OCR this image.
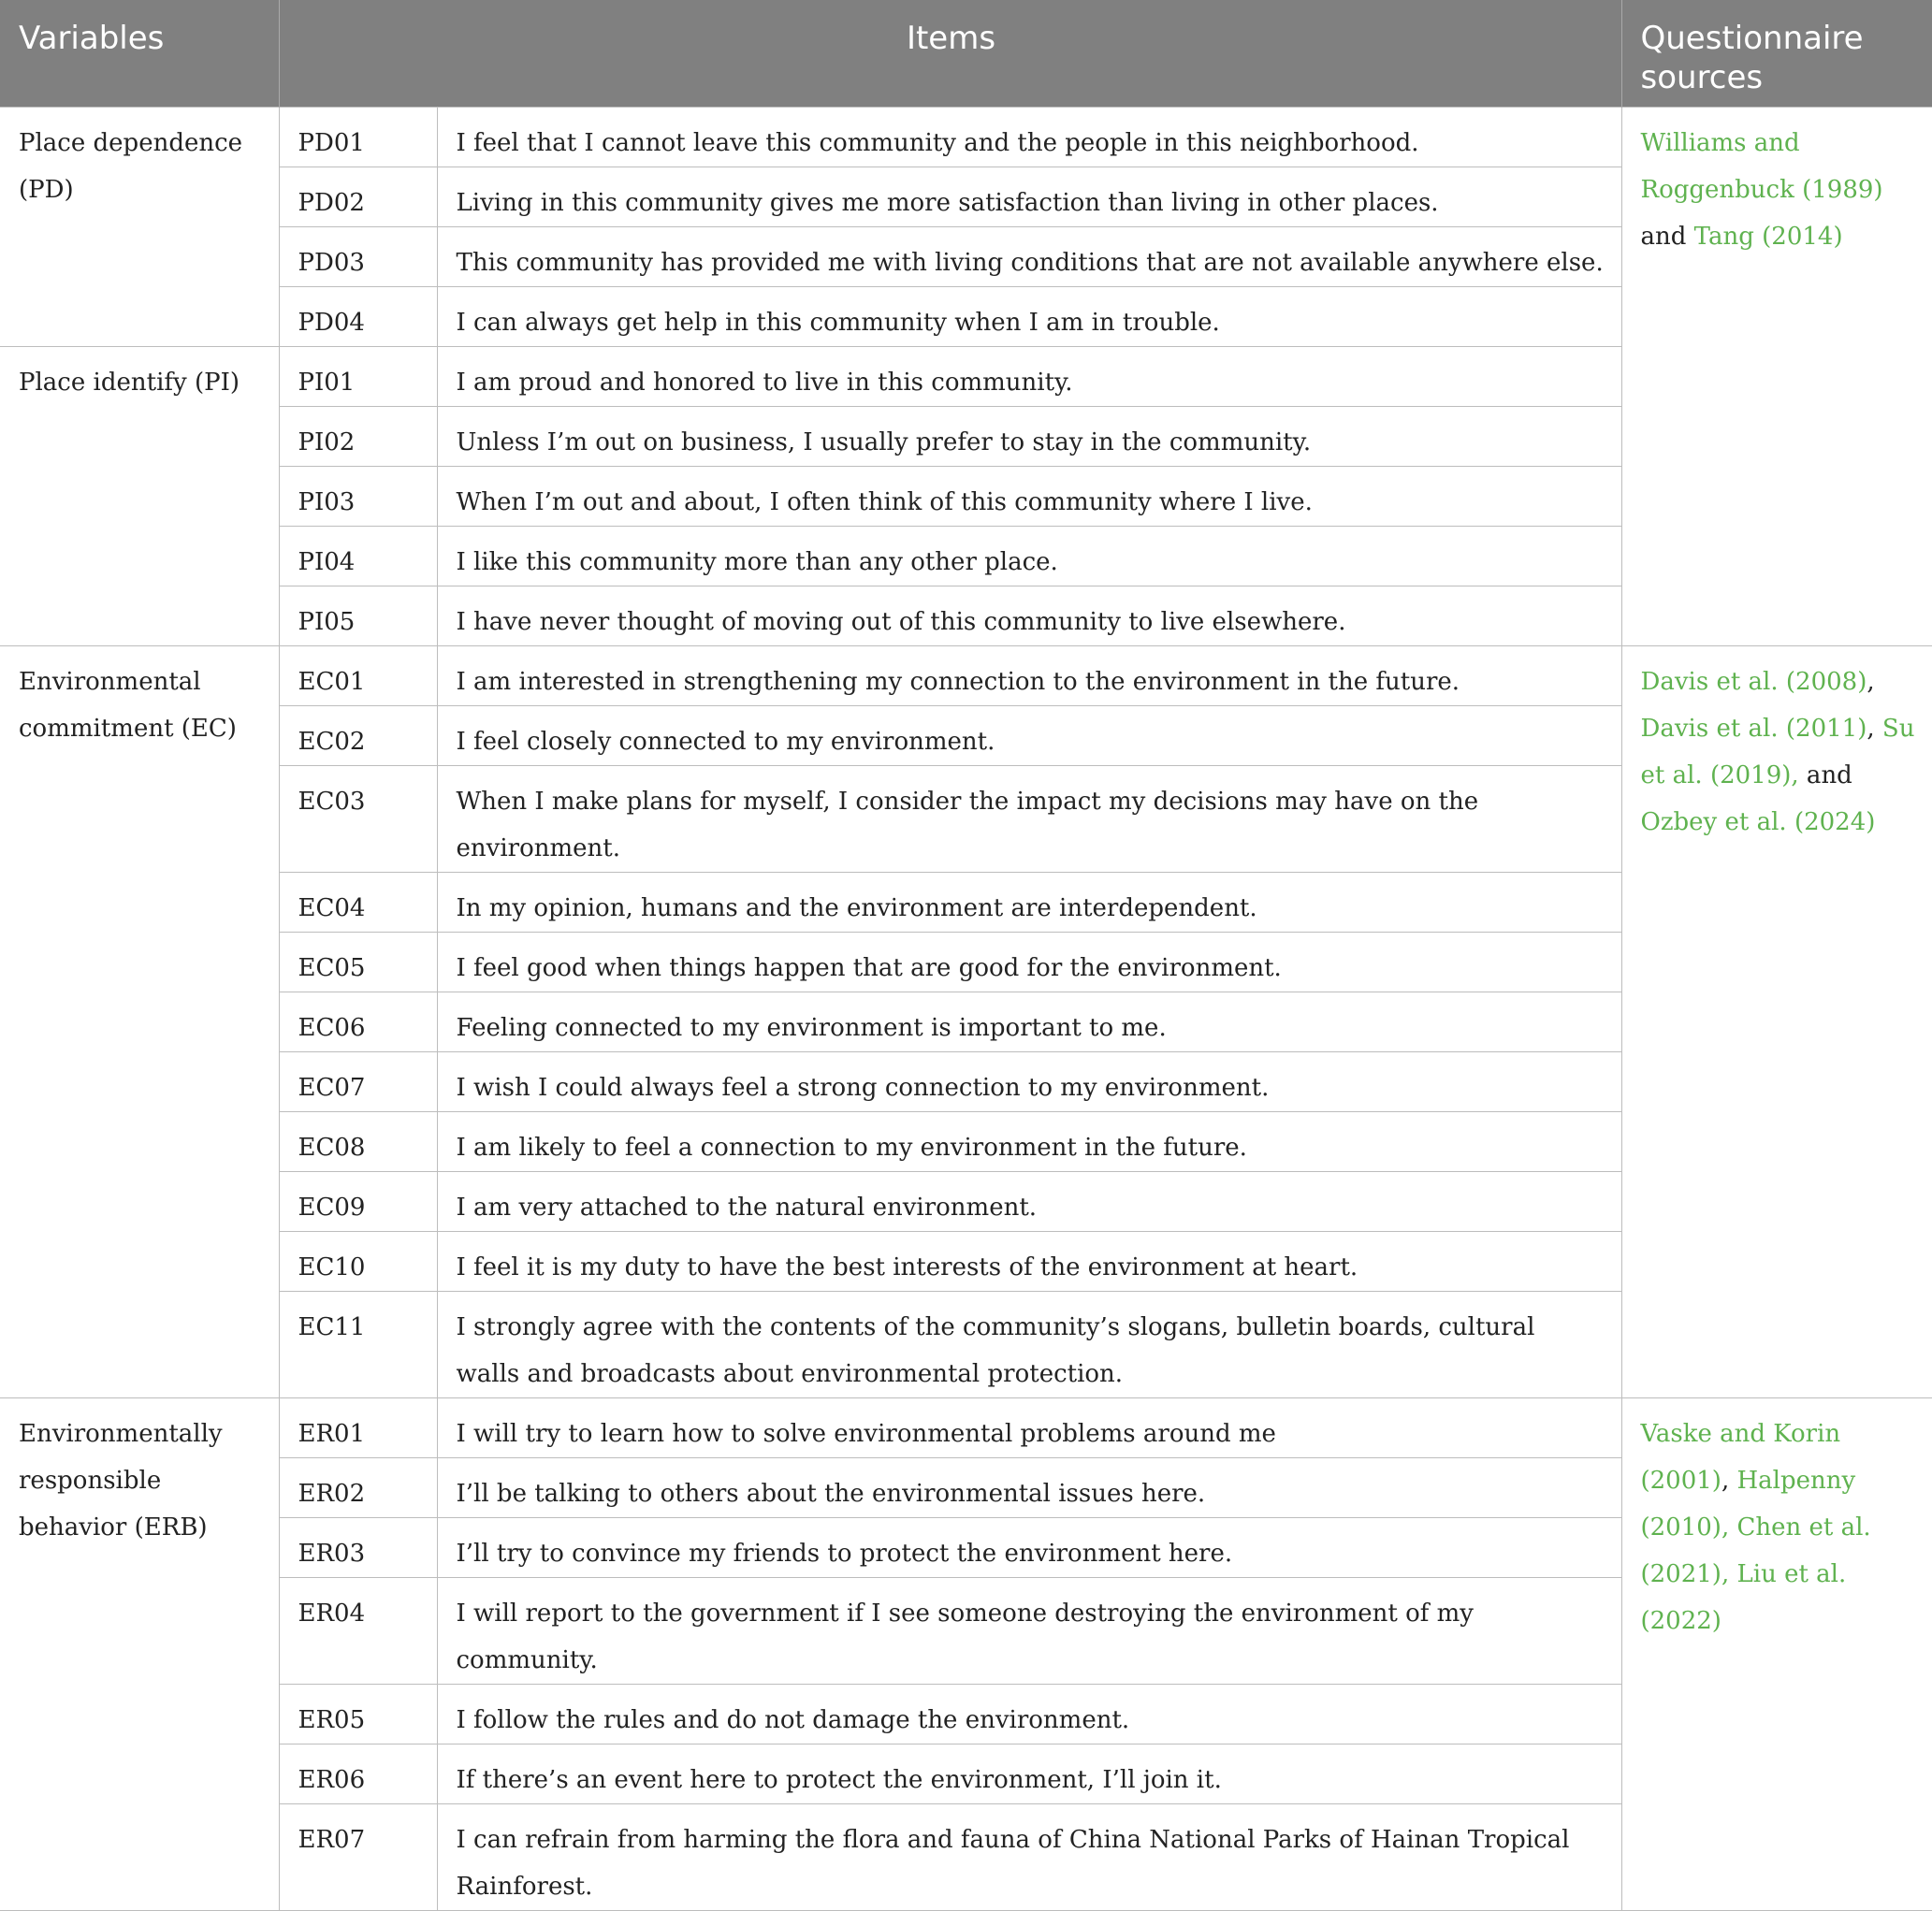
Variables	Items		Questionnaire sources
Place dependence (PD)	PD01	I feel that I cannot leave this community and the people in this neighborhood.	Williams and Roggenbuck (1989) and Tang (2014)
	PD02	Living in this community gives me more satisfaction than living in other places.	
	PD03	This community has provided me with living conditions that are not available anywhere else.	
	PD04	I can always get help in this community when I am in trouble.	
Place identify (PI)	PI01	I am proud and honored to live in this community.	
	PI02	Unless I’m out on business, I usually prefer to stay in the community.	
	PI03	When I’m out and about, I often think of this community where I live.	
	PI04	I like this community more than any other place.	
	PI05	I have never thought of moving out of this community to live elsewhere.	
Environmental commitment (EC)	EC01	I am interested in strengthening my connection to the environment in the future.	Davis et al. (2008), Davis et al. (2011), Su et al. (2019), and Ozbey et al. (2024)
	EC02	I feel closely connected to my environment.	
	EC03	When I make plans for myself, I consider the impact my decisions may have on the environment.	
	EC04	In my opinion, humans and the environment are interdependent.	
	EC05	I feel good when things happen that are good for the environment.	
	EC06	Feeling connected to my environment is important to me.	
	EC07	I wish I could always feel a strong connection to my environment.	
	EC08	I am likely to feel a connection to my environment in the future.	
	EC09	I am very attached to the natural environment.	
	EC10	I feel it is my duty to have the best interests of the environment at heart.	
	EC11	I strongly agree with the contents of the community’s slogans, bulletin boards, cultural walls and broadcasts about environmental protection.	
Environmentally responsible behavior (ERB)	ER01	I will try to learn how to solve environmental problems around me	Vaske and Korin (2001), Halpenny (2010), Chen et al. (2021), Liu et al. (2022)
	ER02	I’ll be talking to others about the environmental issues here.	
	ER03	I’ll try to convince my friends to protect the environment here.	
	ER04	I will report to the government if I see someone destroying the environment of my community.	
	ER05	I follow the rules and do not damage the environment.	
	ER06	If there’s an event here to protect the environment, I’ll join it.	
	ER07	I can refrain from harming the flora and fauna of China National Parks of Hainan Tropical Rainforest.	
